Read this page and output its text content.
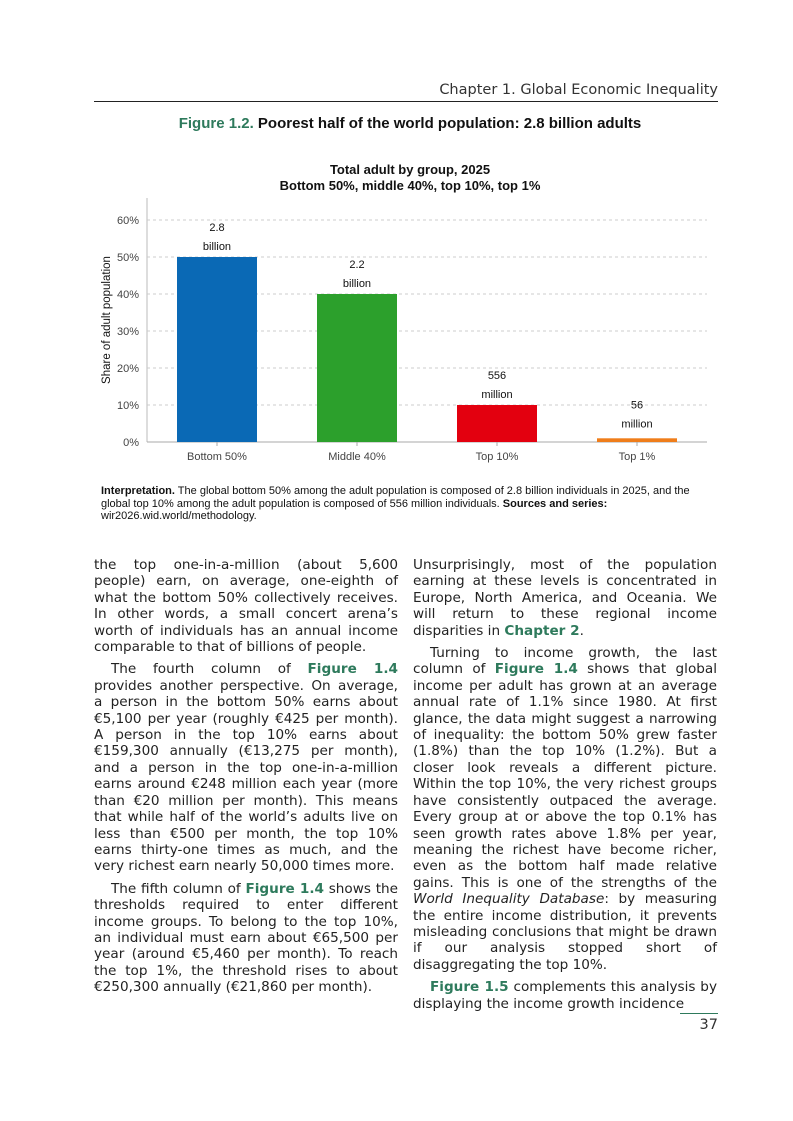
Chapter 1. Global Economic Inequality
Figure 1.2. Poorest half of the world population: 2.8 billion adults
Total adult by group, 2025
Bottom 50%, middle 40%, top 10%, top 1%
0%
10%
20%
30%
40%
50%
60%
Share of adult population
Bottom 50%
2.8
billion
Middle 40%
2.2
billion
Top 10%
556
million
Top 1%
56
million
Interpretation. The global bottom 50% among the adult population is composed of 2.8 billion individuals in 2025, and the global top 10% among the adult population is composed of 556 million individuals. Sources and series: wir2026.wid.world/methodology.

the top one-in-a-million (about 5,600 people) earn, on average, one-eighth of what the bottom 50% collectively receives. In other words, a small concert arena’s worth of individuals has an annual income comparable to that of billions of people.

The fourth column of Figure 1.4 provides another perspective. On average, a person in the bottom 50% earns about €5,100 per year (roughly €425 per month). A person in the top 10% earns about €159,300 annually (€13,275 per month), and a person in the top one-in-a-million earns around €248 million each year (more than €20 million per month). This means that while half of the world’s adults live on less than €500 per month, the top 10% earns thirty-one times as much, and the very richest earn nearly 50,000 times more.

The fifth column of Figure 1.4 shows the thresholds required to enter different income groups. To belong to the top 10%, an individual must earn about €65,500 per year (around €5,460 per month). To reach the top 1%, the threshold rises to about €250,300 annually (€21,860 per month).

Unsurprisingly, most of the population earning at these levels is concentrated in Europe, North America, and Oceania. We will return to these regional income disparities in Chapter 2.

Turning to income growth, the last column of Figure 1.4 shows that global income per adult has grown at an average annual rate of 1.1% since 1980. At first glance, the data might suggest a narrowing of inequality: the bottom 50% grew faster (1.8%) than the top 10% (1.2%). But a closer look reveals a different picture. Within the top 10%, the very richest groups have consistently outpaced the average. Every group at or above the top 0.1% has seen growth rates above 1.8% per year, meaning the richest have become richer, even as the bottom half made relative gains. This is one of the strengths of the World Inequality Database: by measuring the entire income distribution, it prevents misleading conclusions that might be drawn if our analysis stopped short of disaggregating the top 10%.

Figure 1.5 complements this analysis by displaying the income growth incidence

37
